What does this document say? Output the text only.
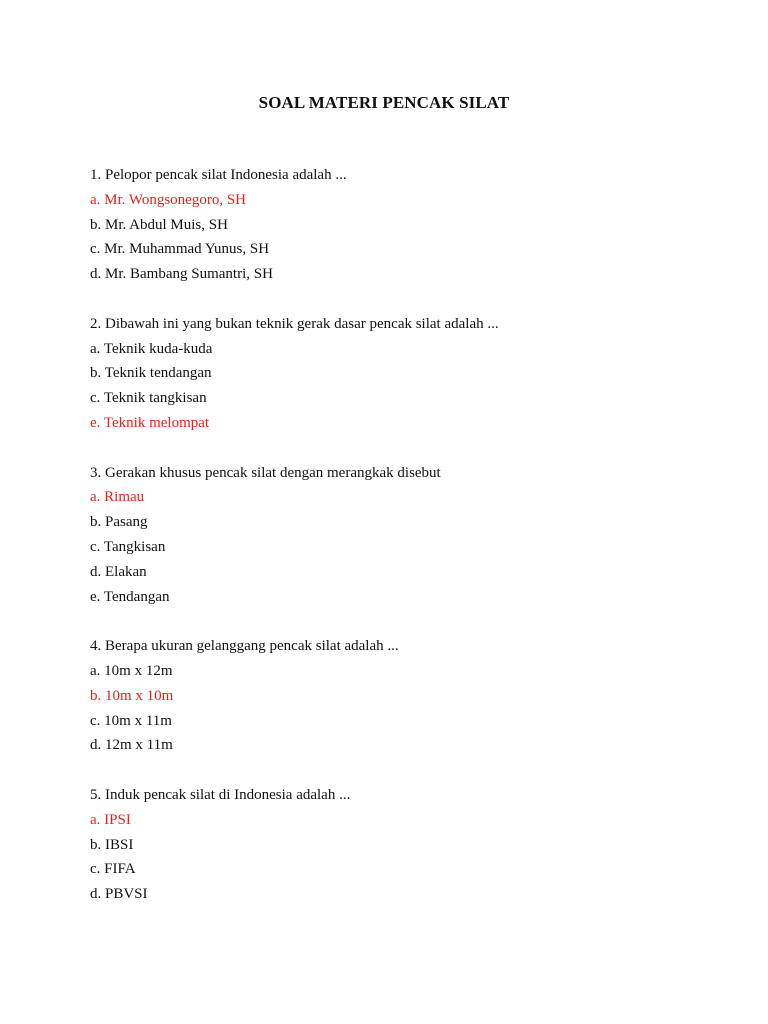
SOAL MATERI PENCAK SILAT
1. Pelopor pencak silat Indonesia adalah ...
a. Mr. Wongsonegoro, SH
b. Mr. Abdul Muis, SH
c. Mr. Muhammad Yunus, SH
d. Mr. Bambang Sumantri, SH
2. Dibawah ini yang bukan teknik gerak dasar pencak silat adalah ...
a. Teknik kuda-kuda
b. Teknik tendangan
c. Teknik tangkisan
e. Teknik melompat
3. Gerakan khusus pencak silat dengan merangkak disebut
a. Rimau
b. Pasang
c. Tangkisan
d. Elakan
e. Tendangan
4. Berapa ukuran gelanggang pencak silat adalah ...
a. 10m x 12m
b. 10m x 10m
c. 10m x 11m
d. 12m x 11m
5. Induk pencak silat di Indonesia adalah ...
a. IPSI
b. IBSI
c. FIFA
d. PBVSI
